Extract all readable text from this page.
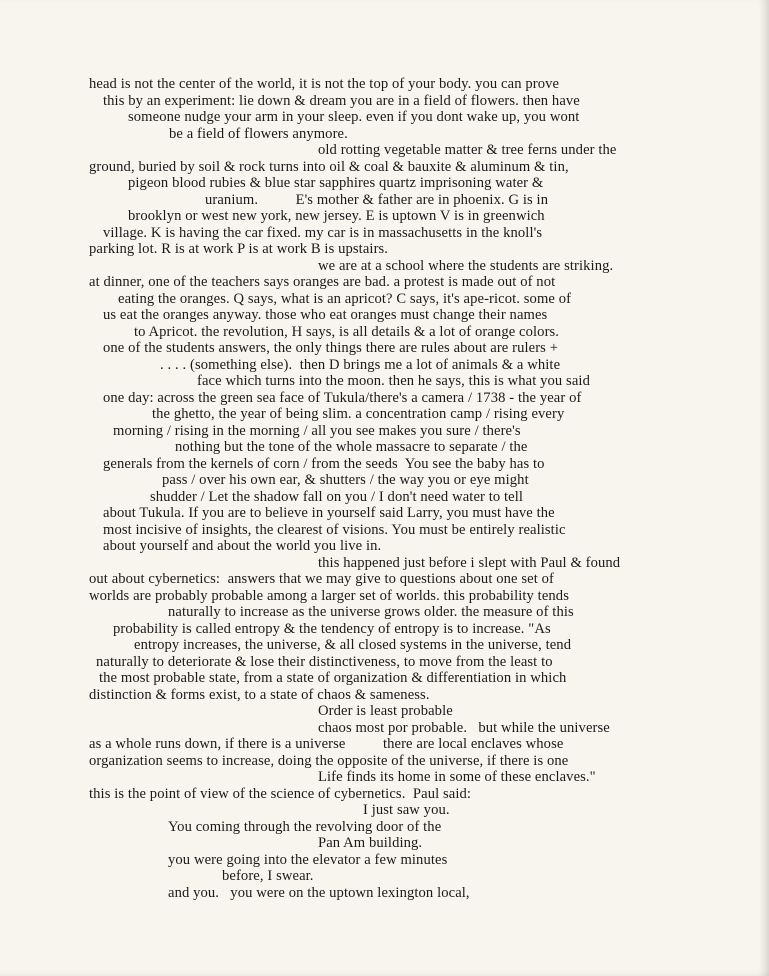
head is not the center of the world, it is not the top of your body. you can prove
this by an experiment: lie down & dream you are in a field of flowers. then have
someone nudge your arm in your sleep. even if you dont wake up, you wont
be a field of flowers anymore.
old rotting vegetable matter & tree ferns under the
ground, buried by soil & rock turns into oil & coal & bauxite & aluminum & tin,
pigeon blood rubies & blue star sapphires quartz imprisoning water &
uranium.          E's mother & father are in phoenix. G is in
brooklyn or west new york, new jersey. E is uptown V is in greenwich
village. K is having the car fixed. my car is in massachusetts in the knoll's
parking lot. R is at work P is at work B is upstairs.
we are at a school where the students are striking.
at dinner, one of the teachers says oranges are bad. a protest is made out of not
eating the oranges. Q says, what is an apricot? C says, it's ape-ricot. some of
us eat the oranges anyway. those who eat oranges must change their names
to Apricot. the revolution, H says, is all details & a lot of orange colors.
one of the students answers, the only things there are rules about are rulers +
. . . . (something else).  then D brings me a lot of animals & a white
face which turns into the moon. then he says, this is what you said
one day: across the green sea face of Tukula/there's a camera / 1738 - the year of
the ghetto, the year of being slim. a concentration camp / rising every
morning / rising in the morning / all you see makes you sure / there's
nothing but the tone of the whole massacre to separate / the
generals from the kernels of corn / from the seeds  You see the baby has to
pass / over his own ear, & shutters / the way you or eye might
shudder / Let the shadow fall on you / I don't need water to tell
about Tukula. If you are to believe in yourself said Larry, you must have the
most incisive of insights, the clearest of visions. You must be entirely realistic
about yourself and about the world you live in.
this happened just before i slept with Paul & found
out about cybernetics:  answers that we may give to questions about one set of
worlds are probably probable among a larger set of worlds. this probability tends
naturally to increase as the universe grows older. the measure of this
probability is called entropy & the tendency of entropy is to increase. "As
entropy increases, the universe, & all closed systems in the universe, tend
naturally to deteriorate & lose their distinctiveness, to move from the least to
the most probable state, from a state of organization & differentiation in which
distinction & forms exist, to a state of chaos & sameness.
Order is least probable
chaos most por probable.   but while the universe
as a whole runs down, if there is a universe          there are local enclaves whose
organization seems to increase, doing the opposite of the universe, if there is one
Life finds its home in some of these enclaves."
this is the point of view of the science of cybernetics.  Paul said:
I just saw you.
You coming through the revolving door of the
Pan Am building.
you were going into the elevator a few minutes
before, I swear.
and you.   you were on the uptown lexington local,
